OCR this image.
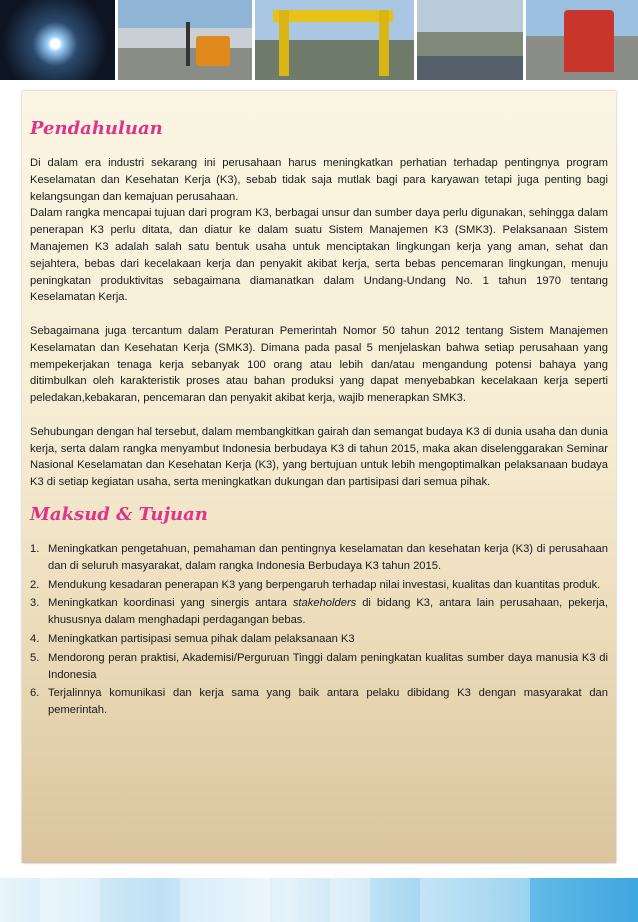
Pendahuluan

Di dalam era industri sekarang ini perusahaan harus meningkatkan perhatian terhadap pentingnya program Keselamatan dan Kesehatan Kerja (K3), sebab tidak saja mutlak bagi para karyawan tetapi juga penting bagi kelangsungan dan kemajuan perusahaan.

Dalam rangka mencapai tujuan dari program K3, berbagai unsur dan sumber daya perlu digunakan, sehingga dalam penerapan K3 perlu ditata, dan diatur ke dalam suatu Sistem Manajemen K3 (SMK3). Pelaksanaan Sistem Manajemen K3 adalah salah satu bentuk usaha untuk menciptakan lingkungan kerja yang aman, sehat dan sejahtera, bebas dari kecelakaan kerja dan penyakit akibat kerja, serta bebas pencemaran lingkungan, menuju peningkatan produktivitas sebagaimana diamanatkan dalam Undang-Undang No. 1 tahun 1970 tentang Keselamatan Kerja.

Sebagaimana juga tercantum dalam Peraturan Pemerintah Nomor 50 tahun 2012 tentang Sistem Manajemen Keselamatan dan Kesehatan Kerja (SMK3). Dimana pada pasal 5 menjelaskan bahwa setiap perusahaan yang mempekerjakan tenaga kerja sebanyak 100 orang atau lebih dan/atau mengandung potensi bahaya yang ditimbulkan oleh karakteristik proses atau bahan produksi yang dapat menyebabkan kecelakaan kerja seperti peledakan,kebakaran, pencemaran dan penyakit akibat kerja, wajib menerapkan SMK3.

Sehubungan dengan hal tersebut, dalam membangkitkan gairah dan semangat budaya K3 di dunia usaha dan dunia kerja, serta dalam rangka menyambut Indonesia berbudaya K3 di tahun 2015, maka akan diselenggarakan Seminar Nasional Keselamatan dan Kesehatan Kerja (K3), yang bertujuan untuk lebih mengoptimalkan pelaksanaan budaya K3 di setiap kegiatan usaha, serta meningkatkan dukungan dan partisipasi dari semua pihak.

Maksud & Tujuan
1. Meningkatkan pengetahuan, pemahaman dan pentingnya keselamatan dan kesehatan kerja (K3) di perusahaan dan di seluruh masyarakat, dalam rangka Indonesia Berbudaya K3 tahun 2015.
2. Mendukung kesadaran penerapan K3 yang berpengaruh terhadap nilai investasi, kualitas dan kuantitas produk.
3. Meningkatkan koordinasi yang sinergis antara stakeholders di bidang K3, antara lain perusahaan, pekerja, khususnya dalam menghadapi perdagangan bebas.
4. Meningkatkan partisipasi semua pihak dalam pelaksanaan K3
5. Mendorong peran praktisi, Akademisi/Perguruan Tinggi dalam peningkatan kualitas sumber daya manusia K3 di Indonesia
6. Terjalinnya komunikasi dan kerja sama yang baik antara pelaku dibidang K3 dengan masyarakat dan pemerintah.
